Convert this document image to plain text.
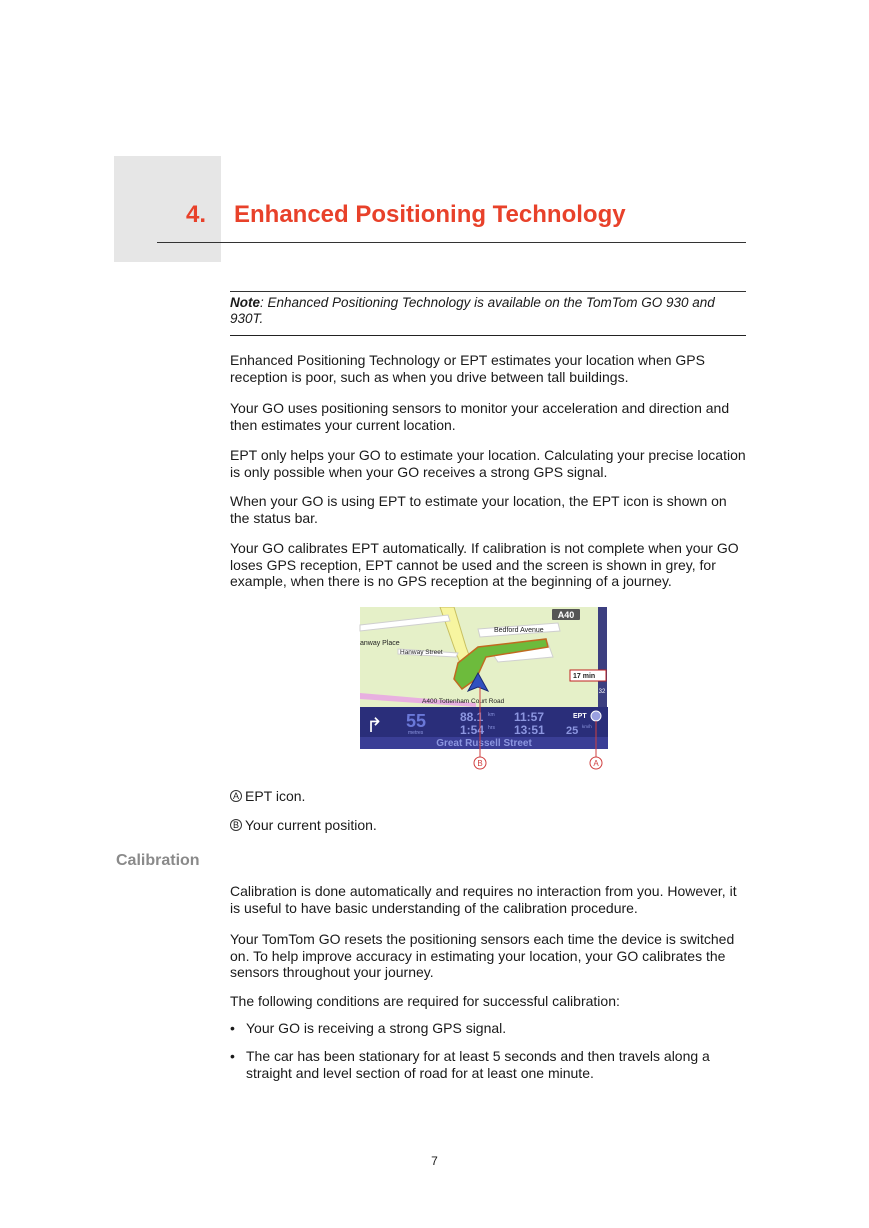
4. Enhanced Positioning Technology
Note: Enhanced Positioning Technology is available on the TomTom GO 930 and 930T.

Enhanced Positioning Technology or EPT estimates your location when GPS reception is poor, such as when you drive between tall buildings.

Your GO uses positioning sensors to monitor your acceleration and direction and then estimates your current location.

EPT only helps your GO to estimate your location. Calculating your precise location is only possible when your GO receives a strong GPS signal.

When your GO is using EPT to estimate your location, the EPT icon is shown on the status bar.

Your GO calibrates EPT automatically. If calibration is not complete when your GO loses GPS reception, EPT cannot be used and the screen is shown in grey, for example, when there is no GPS reception at the beginning of a journey.

A40
Bedford Avenue
anway Place
Hanway Street
A400 Tottenham Court Road
17 min
32
↱ 55
metres
88.1 km
1:54 hrs
11:57
13:51
EPT
25 km/h
Great Russell Street
B	A
A EPT icon.
B Your current position.
Calibration

Calibration is done automatically and requires no interaction from you. However, it is useful to have basic understanding of the calibration procedure.

Your TomTom GO resets the positioning sensors each time the device is switched on. To help improve accuracy in estimating your location, your GO calibrates the sensors throughout your journey.

The following conditions are required for successful calibration:

• Your GO is receiving a strong GPS signal.
• The car has been stationary for at least 5 seconds and then travels along a straight and level section of road for at least one minute.
7
